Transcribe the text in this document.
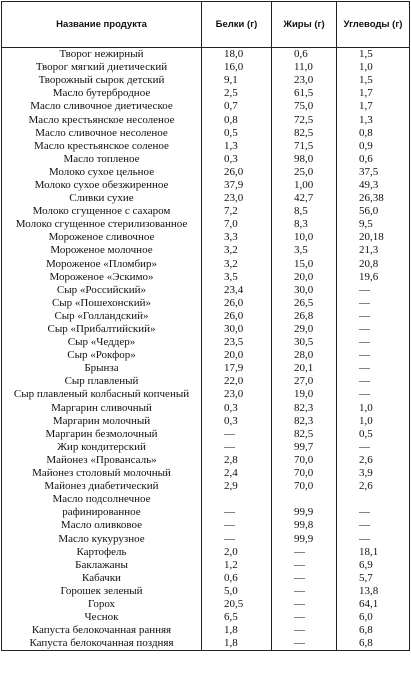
Название продукта	Белки (г)	Жиры (г)	Углеводы (г)
Творог нежирный	18,0	0,6	1,5
Творог мягкий диетический	16,0	11,0	1,0
Творожный сырок детский	9,1	23,0	1,5
Масло бутербродное	2,5	61,5	1,7
Масло сливочное диетическое	0,7	75,0	1,7
Масло крестьянское несоленое	0,8	72,5	1,3
Масло сливочное несоленое	0,5	82,5	0,8
Масло крестьянское соленое	1,3	71,5	0,9
Масло топленое	0,3	98,0	0,6
Молоко сухое цельное	26,0	25,0	37,5
Молоко сухое обезжиренное	37,9	1,00	49,3
Сливки сухие	23,0	42,7	26,38
Молоко сгущенное с сахаром	7,2	8,5	56,0
Молоко сгущенное стерилизованное	7,0	8,3	9,5
Мороженое сливочное	3,3	10,0	20,18
Мороженое молочное	3,2	3,5	21,3
Мороженое «Пломбир»	3,2	15,0	20,8
Мороженое «Эскимо»	3,5	20,0	19,6
Сыр «Российский»	23,4	30,0	—
Сыр «Пошехонский»	26,0	26,5	—
Сыр «Голландский»	26,0	26,8	—
Сыр «Прибалтийский»	30,0	29,0	—
Сыр «Чеддер»	23,5	30,5	—
Сыр «Рокфор»	20,0	28,0	—
Брынза	17,9	20,1	—
Сыр плавленый	22,0	27,0	—
Сыр плавленый колбасный копченый	23,0	19,0	—
Маргарин сливочный	0,3	82,3	1,0
Маргарин молочный	0,3	82,3	1,0
Маргарин безмолочный	—	82,5	0,5
Жир кондитерский	—	99,7	—
Майонез «Провансаль»	2,8	70,0	2,6
Майонез столовый молочный	2,4	70,0	3,9
Майонез диабетический	2,9	70,0	2,6
Масло подсолнечное			
рафинированное	—	99,9	—
Масло оливковое	—	99,8	—
Масло кукурузное	—	99,9	—
Картофель	2,0	—	18,1
Баклажаны	1,2	—	6,9
Кабачки	0,6	—	5,7
Горошек зеленый	5,0	—	13,8
Горох	20,5	—	64,1
Чеснок	6,5	—	6,0
Капуста белокочанная ранняя	1,8	—	6,8
Капуста белокочанная поздняя	1,8	—	6,8
